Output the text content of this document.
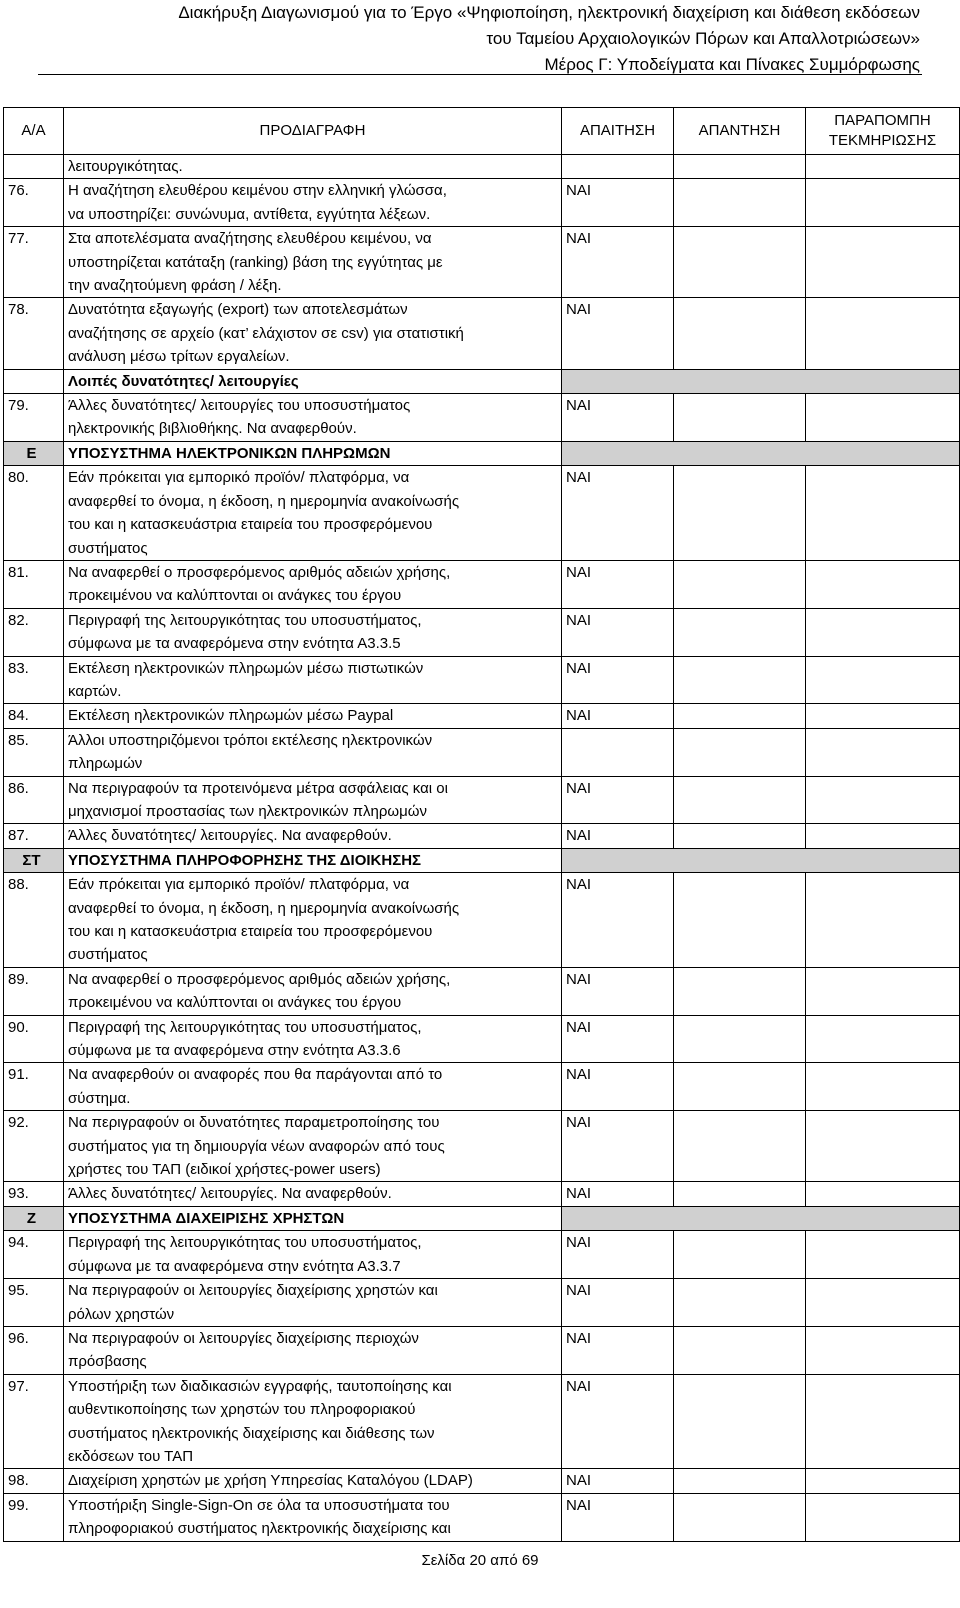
Διακήρυξη Διαγωνισμού για το Έργο «Ψηφιοποίηση, ηλεκτρονική διαχείριση και διάθεση εκδόσεων
του Ταμείου Αρχαιολογικών Πόρων και Απαλλοτριώσεων»
Μέρος Γ: Υποδείγματα και Πίνακες Συμμόρφωσης
Α/Α	ΠΡΟΔΙΑΓΡΑΦΗ	ΑΠΑΙΤΗΣΗ	ΑΠΑΝΤΗΣΗ	ΠΑΡΑΠΟΜΠΗ ΤΕΚΜΗΡΙΩΣΗΣ

	λειτουργικότητας.			

76.	Η αναζήτηση ελευθέρου κειμένου στην ελληνική γλώσσα,
να υποστηρίζει: συνώνυμα, αντίθετα, εγγύτητα λέξεων.	ΝΑΙ		
77.	Στα αποτελέσματα αναζήτησης ελευθέρου κειμένου, να
υποστηρίζεται κατάταξη (ranking) βάση της εγγύτητας με
την αναζητούμενη φράση / λέξη.	ΝΑΙ		
78.	Δυνατότητα εξαγωγής (export) των αποτελεσμάτων
αναζήτησης σε αρχείο (κατ’ ελάχιστον σε csv) για στατιστική
ανάλυση μέσω τρίτων εργαλείων.	ΝΑΙ		
	Λοιπές δυνατότητες/ λειτουργίες			
79.	Άλλες δυνατότητες/ λειτουργίες του υποσυστήματος
ηλεκτρονικής βιβλιοθήκης. Να αναφερθούν.	ΝΑΙ		
Ε	ΥΠΟΣΥΣΤΗΜΑ ΗΛΕΚΤΡΟΝΙΚΩΝ ΠΛΗΡΩΜΩΝ			
80.	Εάν πρόκειται για εμπορικό προϊόν/ πλατφόρμα, να
αναφερθεί το όνομα, η έκδοση, η ημερομηνία ανακοίνωσής
του και η κατασκευάστρια εταιρεία του προσφερόμενου
συστήματος	ΝΑΙ		
81.	Να αναφερθεί ο προσφερόμενος αριθμός αδειών χρήσης,
προκειμένου να καλύπτονται οι ανάγκες του έργου	ΝΑΙ		
82.	Περιγραφή της λειτουργικότητας του υποσυστήματος,
σύμφωνα με τα αναφερόμενα στην ενότητα Α3.3.5	ΝΑΙ		
83.	Εκτέλεση ηλεκτρονικών πληρωμών μέσω πιστωτικών
καρτών.	ΝΑΙ		
84.	Εκτέλεση ηλεκτρονικών πληρωμών μέσω Paypal	ΝΑΙ		
85.	Άλλοι υποστηριζόμενοι τρόποι εκτέλεσης ηλεκτρονικών
πληρωμών			

86.	Να περιγραφούν τα προτεινόμενα μέτρα ασφάλειας και οι
μηχανισμοί προστασίας των ηλεκτρονικών πληρωμών	ΝΑΙ		
87.	Άλλες δυνατότητες/ λειτουργίες. Να αναφερθούν.	ΝΑΙ		
ΣΤ	ΥΠΟΣΥΣΤΗΜΑ ΠΛΗΡΟΦΟΡΗΣΗΣ ΤΗΣ ΔΙΟΙΚΗΣΗΣ			
88.	Εάν πρόκειται για εμπορικό προϊόν/ πλατφόρμα, να
αναφερθεί το όνομα, η έκδοση, η ημερομηνία ανακοίνωσής
του και η κατασκευάστρια εταιρεία του προσφερόμενου
συστήματος	ΝΑΙ		
89.	Να αναφερθεί ο προσφερόμενος αριθμός αδειών χρήσης,
προκειμένου να καλύπτονται οι ανάγκες του έργου	ΝΑΙ		
90.	Περιγραφή της λειτουργικότητας του υποσυστήματος,
σύμφωνα με τα αναφερόμενα στην ενότητα Α3.3.6	ΝΑΙ		
91.	Να αναφερθούν οι αναφορές που θα παράγονται από το
σύστημα.	ΝΑΙ		
92.	Να περιγραφούν οι δυνατότητες παραμετροποίησης του
συστήματος για τη δημιουργία νέων αναφορών από τους
χρήστες του ΤΑΠ (ειδικοί χρήστες-power users)	ΝΑΙ		
93.	Άλλες δυνατότητες/ λειτουργίες. Να αναφερθούν.	ΝΑΙ		
Ζ	ΥΠΟΣΥΣΤΗΜΑ ΔΙΑΧΕΙΡΙΣΗΣ ΧΡΗΣΤΩΝ			
94.	Περιγραφή της λειτουργικότητας του υποσυστήματος,
σύμφωνα με τα αναφερόμενα στην ενότητα Α3.3.7	ΝΑΙ		
95.	Να περιγραφούν οι λειτουργίες διαχείρισης χρηστών και
ρόλων χρηστών	ΝΑΙ		
96.	Να περιγραφούν οι λειτουργίες διαχείρισης περιοχών
πρόσβασης	ΝΑΙ		
97.	Υποστήριξη των διαδικασιών εγγραφής, ταυτοποίησης και
αυθεντικοποίησης των χρηστών του πληροφοριακού
συστήματος ηλεκτρονικής διαχείρισης και διάθεσης των
εκδόσεων του ΤΑΠ	ΝΑΙ		
98.	Διαχείριση χρηστών με χρήση Υπηρεσίας Καταλόγου (LDAP)	ΝΑΙ		
99.	Υποστήριξη Single-Sign-On σε όλα τα υποσυστήματα του
πληροφοριακού συστήματος ηλεκτρονικής διαχείρισης και	ΝΑΙ		
Σελίδα 20 από 69
